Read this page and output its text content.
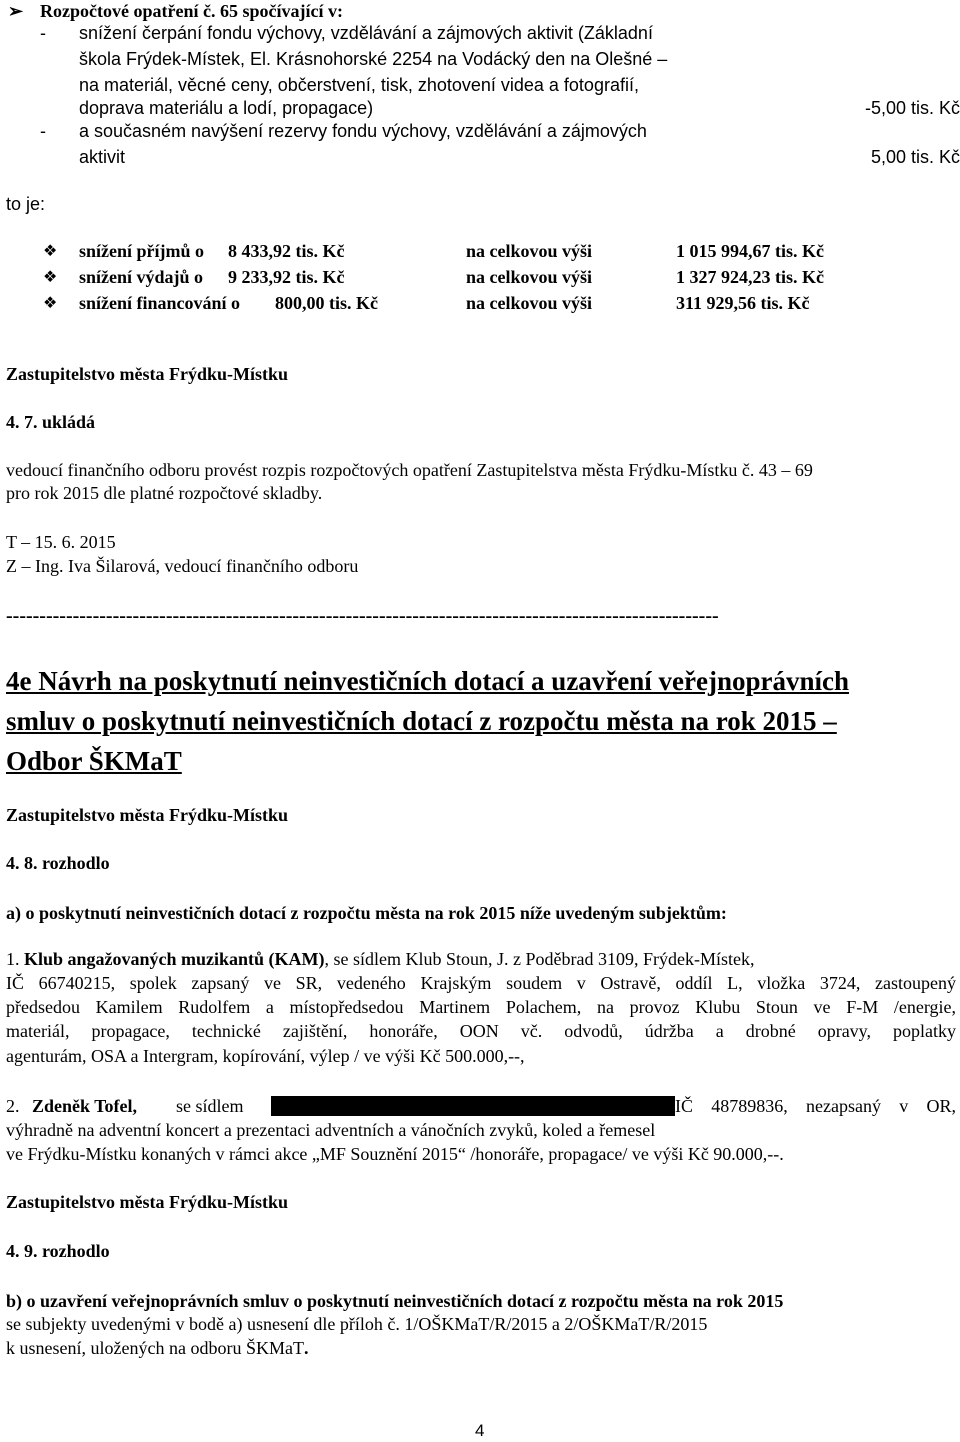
➢ Rozpočtové opatření č. 65 spočívající v:
- snížení čerpání fondu výchovy, vzdělávání a zájmových aktivit (Základní
škola Frýdek-Místek, El. Krásnohorské 2254 na Vodácký den na Olešné –
na materiál, věcné ceny, občerstvení, tisk, zhotovení videa a fotografií,
doprava materiálu a lodí, propagace)	-5,00 tis. Kč
- a současném navýšení rezervy fondu výchovy, vzdělávání a zájmových
aktivit	5,00 tis. Kč
to je:
❖ snížení příjmů o 8 433,92 tis. Kč	na celkovou výši	1 015 994,67 tis. Kč
❖ snížení výdajů o 9 233,92 tis. Kč	na celkovou výši	1 327 924,23 tis. Kč
❖ snížení financování o 800,00 tis. Kč	na celkovou výši	311 929,56 tis. Kč
Zastupitelstvo města Frýdku-Místku
4. 7. ukládá
vedoucí finančního odboru provést rozpis rozpočtových opatření Zastupitelstva města Frýdku-Místku č. 43 – 69
pro rok 2015 dle platné rozpočtové skladby.
T – 15. 6. 2015
Z – Ing. Iva Šilarová, vedoucí finančního odboru
-----------------------------------------------------------------------------------------------------------
4e Návrh na poskytnutí neinvestičních dotací a uzavření veřejnoprávních
smluv o poskytnutí neinvestičních dotací z rozpočtu města na rok 2015 –
Odbor ŠKMaT
Zastupitelstvo města Frýdku-Místku
4. 8. rozhodlo
a) o poskytnutí neinvestičních dotací z rozpočtu města na rok 2015 níže uvedeným subjektům:
1. Klub angažovaných muzikantů (KAM), se sídlem Klub Stoun, J. z Poděbrad 3109, Frýdek-Místek,
IČ 66740215, spolek zapsaný ve SR, vedeného Krajským soudem v Ostravě, oddíl L, vložka 3724, zastoupený
předsedou Kamilem Rudolfem a místopředsedou Martinem Polachem, na provoz Klubu Stoun ve F-M /energie,
materiál, propagace, technické zajištění, honoráře, OON vč. odvodů, údržba a drobné opravy, poplatky
agenturám, OSA a Intergram, kopírování, výlep / ve výši Kč 500.000,--,
2. Zdeněk Tofel, se sídlem	IČ 48789836, nezapsaný v OR,
výhradně na adventní koncert a prezentaci adventních a vánočních zvyků, koled a řemesel
ve Frýdku-Místku konaných v rámci akce „MF Souznění 2015“ /honoráře, propagace/ ve výši Kč 90.000,--.
Zastupitelstvo města Frýdku-Místku
4. 9. rozhodlo
b) o uzavření veřejnoprávních smluv o poskytnutí neinvestičních dotací z rozpočtu města na rok 2015
se subjekty uvedenými v bodě a) usnesení dle příloh č. 1/OŠKMaT/R/2015 a 2/OŠKMaT/R/2015
k usnesení, uložených na odboru ŠKMaT.
4
